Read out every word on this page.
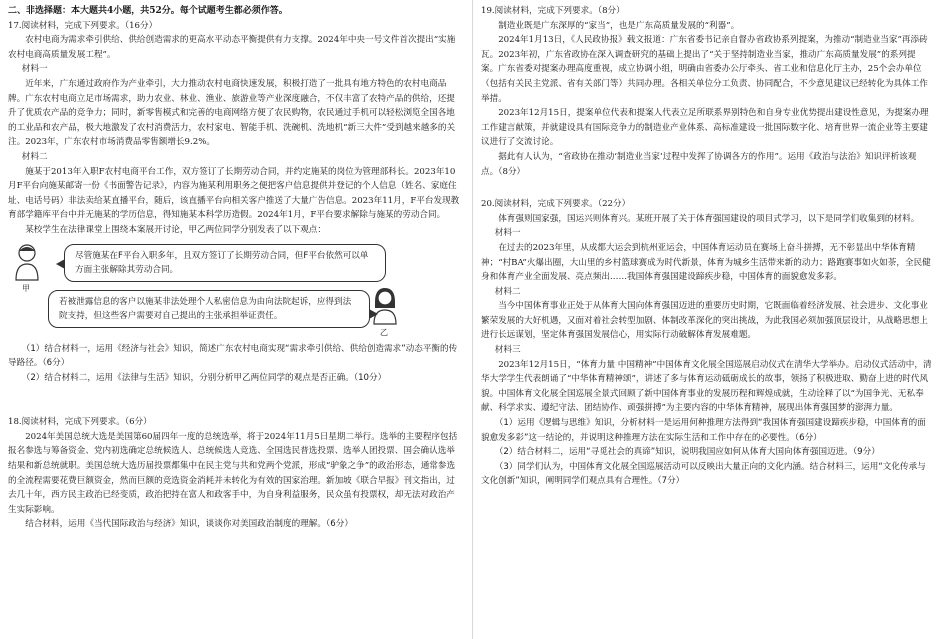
二、非选择题：本大题共4小题，共52分。每个试题考生都必须作答。

17.阅读材料，完成下列要求。（16分）

农村电商为需求牵引供给、供给创造需求的更高水平动态平衡提供有力支撑。2024年中央一号文件首次提出“实施农村电商高质量发展工程”。

材料一

近年来，广东通过政府作为产业牵引，大力推动农村电商快速发展，积极打造了一批具有地方特色的农村电商品牌。广东农村电商立足市场需求，助力农业、林业、渔业、旅游业等产业深度融合，不仅丰富了农特产品的供给，还提升了优质农产品的竞争力；同时，新零售模式和完善的电商网络方便了农民购物，农民通过手机可以轻松浏览全国各地的工业品和农产品，极大地激发了农村消费活力，农村家电、智能手机、洗碗机、洗地机“新三大件”受到越来越多的关注。2023年，广东农村市场消费品零售额增长9.2%。

材料二

施某于2013年入职F农村电商平台工作，双方签订了长期劳动合同，并约定施某的岗位为管理部科长。2023年10月F平台向施某邮寄一份《书面警告记录》，内容为施某利用职务之便把客户信息提供并登记的个人信息（姓名、家庭住址、电话号码）非法卖给某直播平台，随后，该直播平台向相关客户推送了大量广告信息。2023年11月，F平台发现教育部学籍库平台中并无施某的学历信息，得知施某本科学历造假。2024年1月，F平台要求解除与施某的劳动合同。

某校学生在法律课堂上围绕本案展开讨论，甲乙两位同学分别发表了以下观点：

甲
尽管施某在F平台入职多年，且双方签订了长期劳动合同，但F平台依然可以单方面主张解除其劳动合同。
若被泄露信息的客户以施某非法处理个人私密信息为由向法院起诉，应得到法院支持，但这些客户需要对自己提出的主张承担举证责任。
乙

（1）结合材料一，运用《经济与社会》知识，简述广东农村电商实现“需求牵引供给、供给创造需求”动态平衡的传导路径。（6分）

（2）结合材料二，运用《法律与生活》知识，分别分析甲乙两位同学的观点是否正确。（10分）

18.阅读材料，完成下列要求。（6分）

2024年美国总统大选是美国第60届四年一度的总统选举，将于2024年11月5日星期二举行。选举的主要程序包括报名参选与筹备资金、党内初选确定总统候选人、总统候选人竞选、全国选民普选投票、选举人团投票、国会确认选举结果和新总统就职。美国总统大选历届投票都集中在民主党与共和党两个党派，形成“驴象之争”的政治形态，通常参选的全流程需要花费巨额资金，然而巨额的竞选资金消耗并未转化为有效的国家治理。新加坡《联合早报》刊文指出，过去几十年，西方民主政治已经变质，政治把持在富人和政客手中，为自身利益服务，民众虽有投票权，却无法对政治产生实际影响。

结合材料，运用《当代国际政治与经济》知识，谈谈你对美国政治制度的理解。（6分）

19.阅读材料，完成下列要求。（8分）

制造业既是广东深厚的“家当”，也是广东高质量发展的“利器”。

2024年1月13日，《人民政协报》载文报道：广东省委书记亲自督办省政协系列提案，为推动“制造业当家”再添砖瓦。2023年初，广东省政协在深入调查研究的基础上提出了“关于坚持制造业当家，推动广东高质量发展”的系列提案。广东省委对提案办理高度重视，成立协调小组，明确由省委办公厅牵头、省工业和信息化厅主办，25个会办单位（包括有关民主党派、省有关部门等）共同办理。各相关单位分工负责、协同配合，不少意见建议已经转化为具体工作举措。

2023年12月15日，提案单位代表和提案人代表立足所联系界别特色和自身专业优势提出建设性意见，为提案办理工作建言献策，并就建设具有国际竞争力的制造业产业体系、高标准建设一批国际数字化、培育世界一流企业等主要建议进行了交流讨论。

据此有人认为，“省政协在推动‘制造业当家’过程中发挥了协调各方的作用”。运用《政治与法治》知识评析该观点。（8分）

20.阅读材料，完成下列要求。（22分）

体育强则国家强，国运兴则体育兴。某班开展了关于体育强国建设的项目式学习，以下是同学们收集到的材料。

材料一

在过去的2023年里，从成都大运会到杭州亚运会，中国体育运动员在赛场上奋斗拼搏，无不彰显出中华体育精神；“村BA”火爆出圈，大山里的乡村篮球赛成为时代新景，体育为城乡生活带来新的动力；路跑赛事如火如荼，全民健身和体育产业全面发展、亮点频出……我国体育强国建设蹄疾步稳，中国体育的面貌愈发多彩。

材料二

当今中国体育事业正处于从体育大国向体育强国迈进的重要历史时期，它既面临着经济发展、社会进步、文化事业繁荣发展的大好机遇，又面对着社会转型加剧、体制改革深化的突出挑战，为此我国必须加强顶层设计，从战略思想上进行长远谋划，坚定体育强国发展信心，用实际行动破解体育发展难题。

材料三

2023年12月15日，“体育力量 中国精神”中国体育文化展全国巡展启动仪式在清华大学举办。启动仪式活动中，清华大学学生代表朗诵了“中华体育精神颂”，讲述了多与体育运动砥砺成长的故事，领扬了积极进取、勤奋上进的时代风貌。中国体育文化展全国巡展全景式回顾了新中国体育事业的发展历程和辉煌成就，生动诠释了以“为国争光、无私奉献、科学求实、遵纪守法、团结协作、顽强拼搏”为主要内容的中华体育精神，展现出体育强国梦的澎湃力量。

（1）运用《逻辑与思维》知识，分析材料一是运用何种推理方法得到“我国体育强国建设蹄疾步稳，中国体育的面貌愈发多彩”这一结论的，并说明这种推理方法在实际生活和工作中存在的必要性。（6分）

（2）结合材料二，运用“寻觅社会的真谛”知识，说明我国应如何从体育大国向体育强国迈进。（9分）

（3）同学们认为，中国体育文化展全国巡展活动可以反映出大量正向的文化内涵。结合材料三，运用“文化传承与文化创新”知识，阐明同学们观点具有合理性。（7分）
